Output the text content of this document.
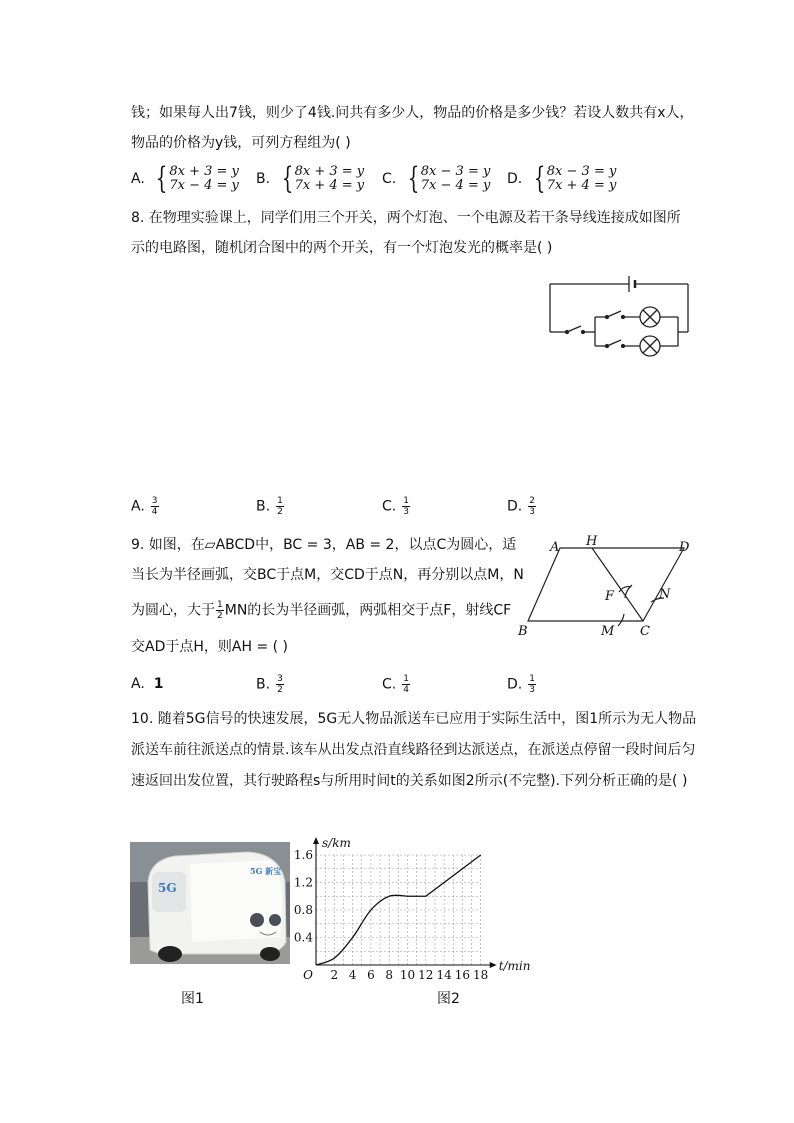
钱；如果每人出7钱，则少了4钱.问共有多少人，物品的价格是多少钱？若设人数共有x人，
物品的价格为y钱，可列方程组为( )
A. { 8x + 3 = y
7x − 4 = y B. { 8x + 3 = y
7x + 4 = y C. { 8x − 3 = y
7x − 4 = y D. { 8x − 3 = y
7x + 4 = y
8. 在物理实验课上，同学们用三个开关，两个灯泡、一个电源及若干条导线连接成如图所
示的电路图，随机闭合图中的两个开关，有一个灯泡发光的概率是( )
A. $\frac{3}{4}$	B. $\frac{1}{2}$	C. $\frac{1}{3}$	D. $\frac{2}{3}$
9. 如图，在▱ABCD中，BC = 3，AB = 2，以点C为圆心，适
当长为半径画弧，交BC于点M，交CD于点N，再分别以点M，N
为圆心，大于 $\frac{1}{2}$ MN的长为半径画弧，两弧相交于点F，射线CF
交AD于点H，则AH = ( )
A H	D
F	N
B	M C
A. 1	B. $\frac{3}{2}$	C. $\frac{1}{4}$	D. $\frac{1}{3}$
10. 随着5G信号的快速发展，5G无人物品派送车已应用于实际生活中，图1所示为无人物品
派送车前往派送点的情景.该车从出发点沿直线路径到达派送点，在派送点停留一段时间后匀
速返回出发位置，其行驶路程s与所用时间t的关系如图2所示(不完整).下列分析正确的是( )
5G
5G 新宝
图1
2 4 6 8 10 12 14 16 18
0.4
0.8
1.2
1.6
O
t/min
s/km
图2
